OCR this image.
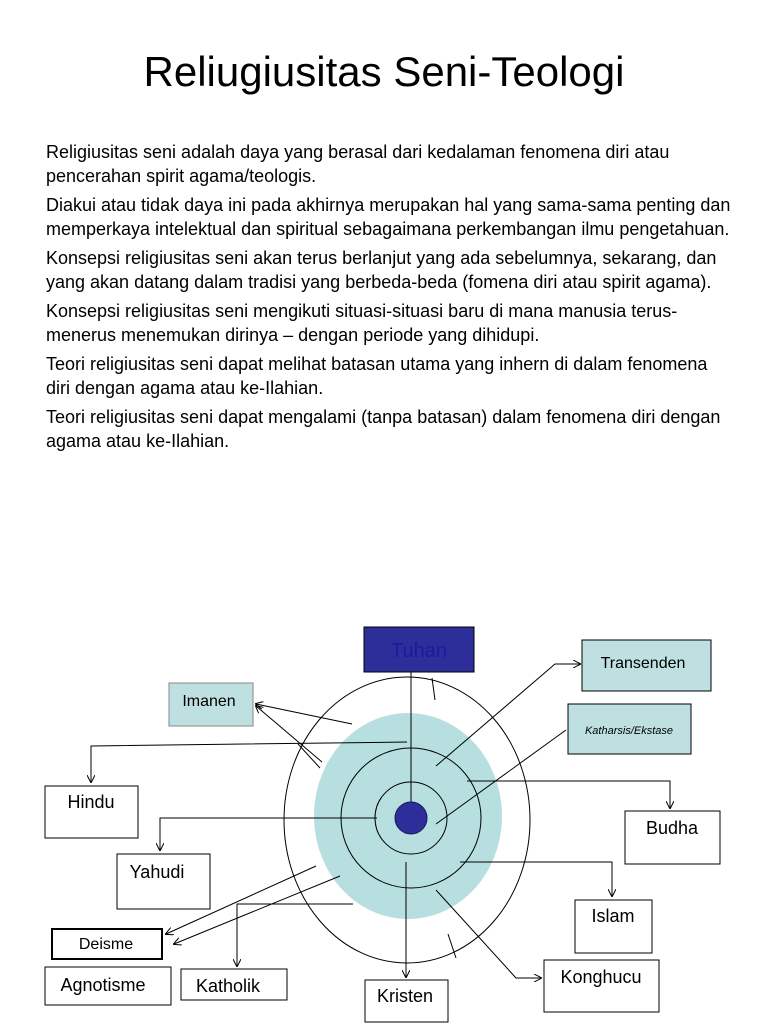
Reliugiusitas Seni-Teologi

Religiusitas seni adalah daya yang berasal dari kedalaman fenomena diri atau pencerahan spirit agama/teologis.

Diakui atau tidak daya ini pada akhirnya merupakan hal yang sama-sama penting dan memperkaya intelektual dan spiritual sebagaimana perkembangan ilmu pengetahuan.

Konsepsi religiusitas seni akan terus berlanjut yang ada sebelumnya, sekarang, dan yang akan datang dalam tradisi yang berbeda-beda (fomena diri atau spirit agama).

Konsepsi religiusitas seni mengikuti situasi-situasi baru di mana manusia terus-menerus menemukan dirinya – dengan periode yang dihidupi.

Teori religiusitas seni dapat melihat batasan utama yang inhern di dalam fenomena diri dengan agama atau ke-Ilahian.

Teori religiusitas seni dapat mengalami (tanpa batasan) dalam fenomena diri dengan agama atau ke-Ilahian.

Tuhan
Transenden
Katharsis/Ekstase
Imanen
Hindu
Budha
Yahudi
Islam
Deisme
Agnotisme	Katholik	Kristen
Konghucu
